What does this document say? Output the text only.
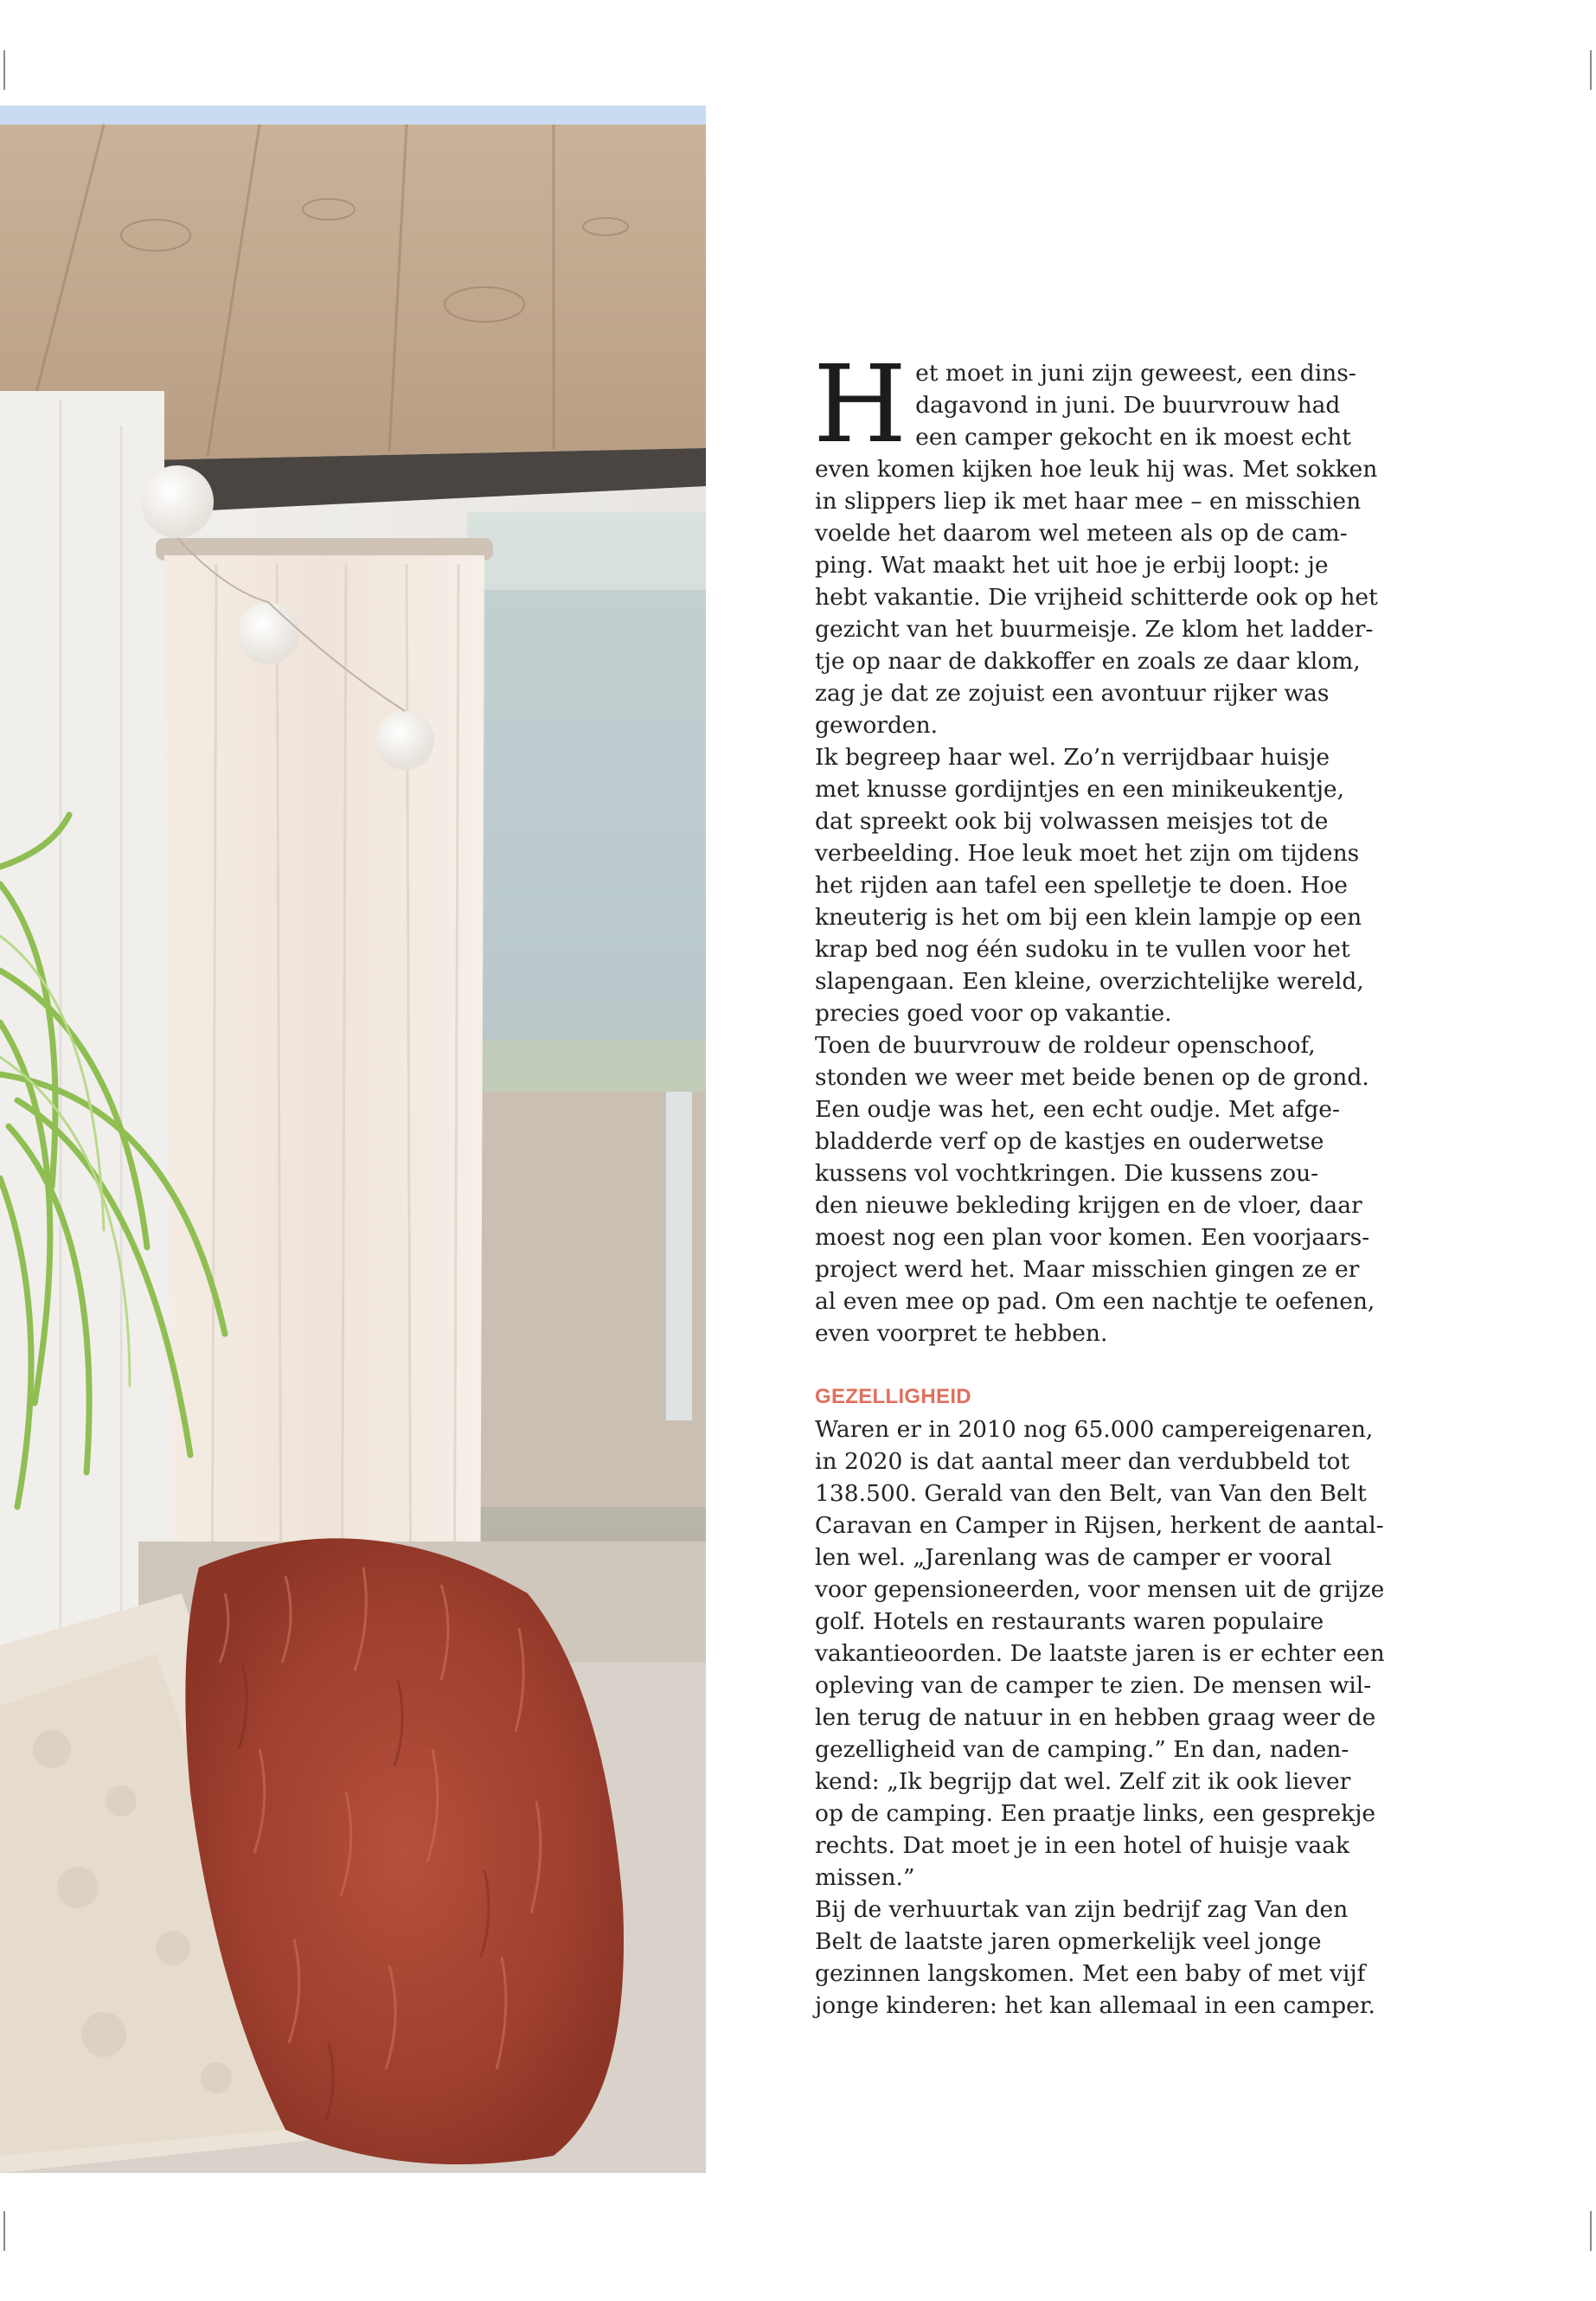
Het moet in juni zijn geweest, een dins-
dagavond in juni. De buurvrouw had
een camper gekocht en ik moest echt
even komen kijken hoe leuk hij was. Met sokken
in slippers liep ik met haar mee – en misschien
voelde het daarom wel meteen als op de cam-
ping. Wat maakt het uit hoe je erbij loopt: je
hebt vakantie. Die vrijheid schitterde ook op het
gezicht van het buurmeisje. Ze klom het ladder-
tje op naar de dakkoffer en zoals ze daar klom,
zag je dat ze zojuist een avontuur rijker was
geworden.

Ik begreep haar wel. Zo’n verrijdbaar huisje
met knusse gordijntjes en een minikeukentje,
dat spreekt ook bij volwassen meisjes tot de
verbeelding. Hoe leuk moet het zijn om tijdens
het rijden aan tafel een spelletje te doen. Hoe
kneuterig is het om bij een klein lampje op een
krap bed nog één sudoku in te vullen voor het
slapengaan. Een kleine, overzichtelijke wereld,
precies goed voor op vakantie.

Toen de buurvrouw de roldeur openschoof,
stonden we weer met beide benen op de grond.
Een oudje was het, een echt oudje. Met afge-
bladderde verf op de kastjes en ouderwetse
kussens vol vochtkringen. Die kussens zou-
den nieuwe bekleding krijgen en de vloer, daar
moest nog een plan voor komen. Een voorjaars-
project werd het. Maar misschien gingen ze er
al even mee op pad. Om een nachtje te oefenen,
even voorpret te hebben.

GEZELLIGHEID

Waren er in 2010 nog 65.000 campereigenaren,
in 2020 is dat aantal meer dan verdubbeld tot
138.500. Gerald van den Belt, van Van den Belt
Caravan en Camper in Rijsen, herkent de aantal-
len wel. „Jarenlang was de camper er vooral
voor gepensioneerden, voor mensen uit de grijze
golf. Hotels en restaurants waren populaire
vakantieoorden. De laatste jaren is er echter een
opleving van de camper te zien. De mensen wil-
len terug de natuur in en hebben graag weer de
gezelligheid van de camping.” En dan, naden-
kend: „Ik begrijp dat wel. Zelf zit ik ook liever
op de camping. Een praatje links, een gesprekje
rechts. Dat moet je in een hotel of huisje vaak
missen.”

Bij de verhuurtak van zijn bedrijf zag Van den
Belt de laatste jaren opmerkelijk veel jonge
gezinnen langskomen. Met een baby of met vijf
jonge kinderen: het kan allemaal in een camper.
